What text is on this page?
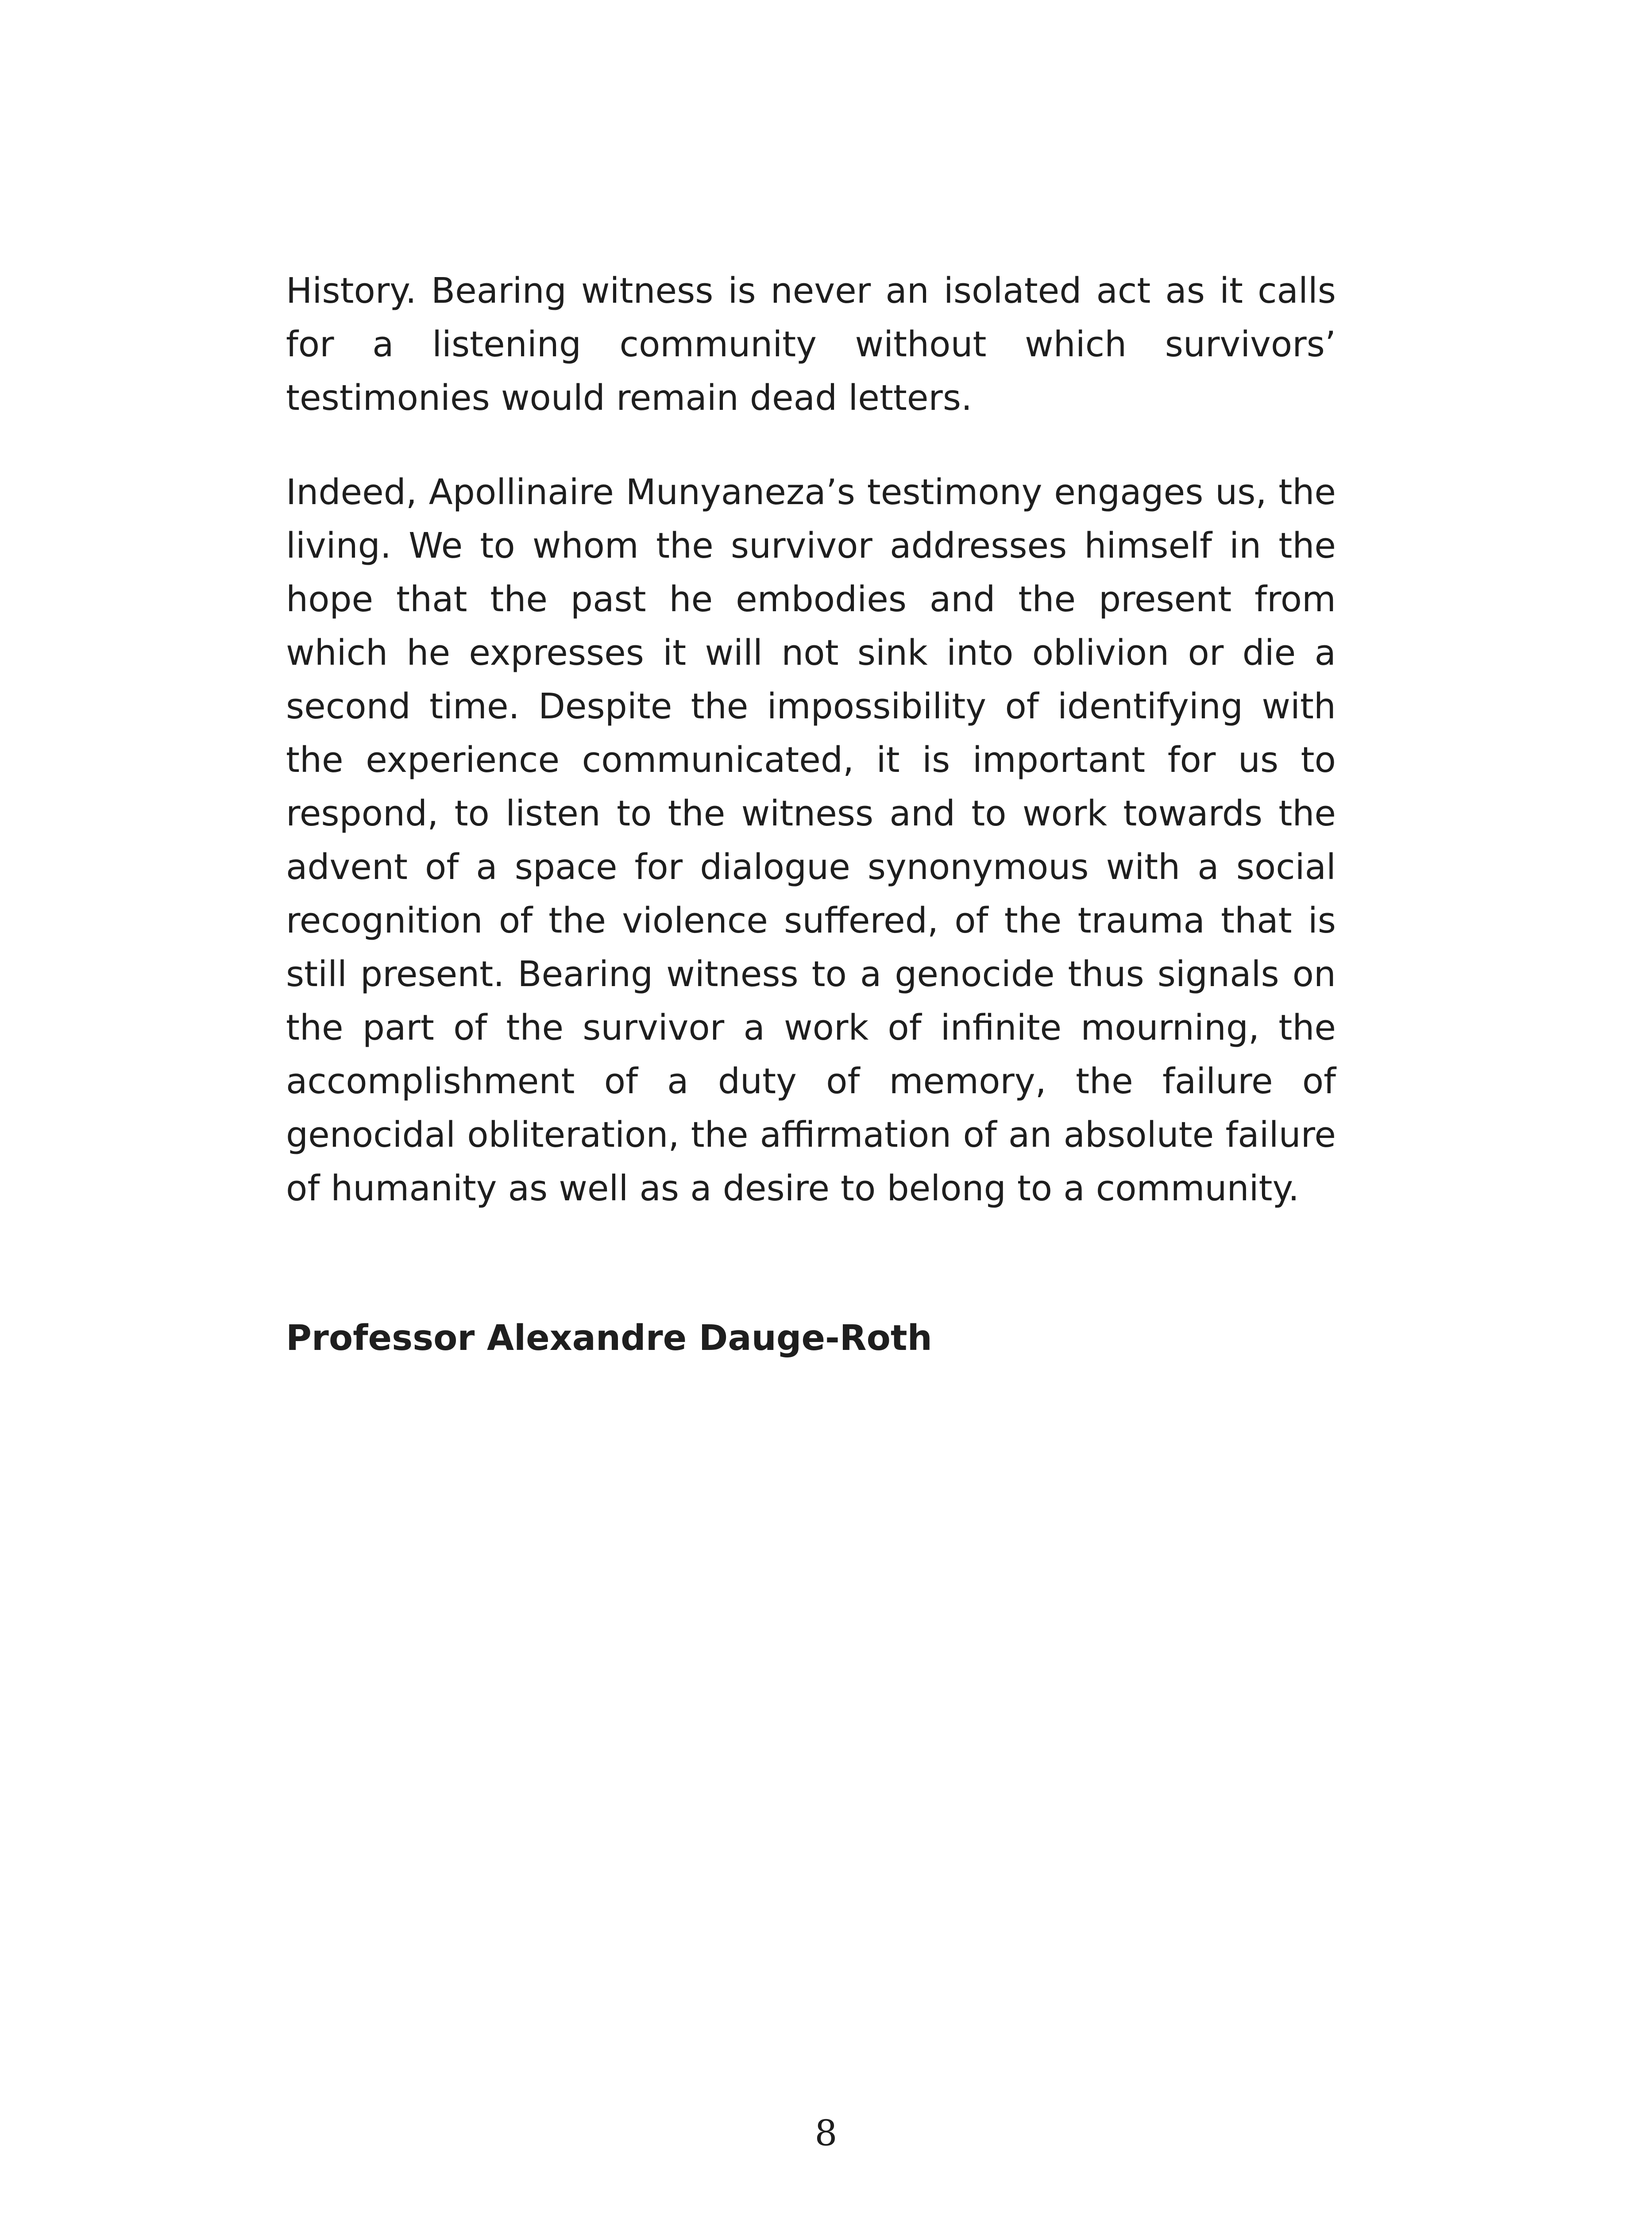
History. Bearing witness is never an isolated act as it calls for a listening community without which survivors’ testimonies would remain dead letters.

Indeed, Apollinaire Munyaneza’s testimony engages us, the living. We to whom the survivor addresses himself in the hope that the past he embodies and the present from which he expresses it will not sink into oblivion or die a second time. Despite the impossibility of identifying with the experience communicated, it is important for us to respond, to listen to the witness and to work towards the advent of a space for dialogue synonymous with a social recognition of the violence suffered, of the trauma that is still present. Bearing witness to a genocide thus signals on the part of the survivor a work of infinite mourning, the accomplishment of a duty of memory, the failure of genocidal obliteration, the affirmation of an absolute failure of humanity as well as a desire to belong to a community.

Professor Alexandre Dauge-Roth

8
